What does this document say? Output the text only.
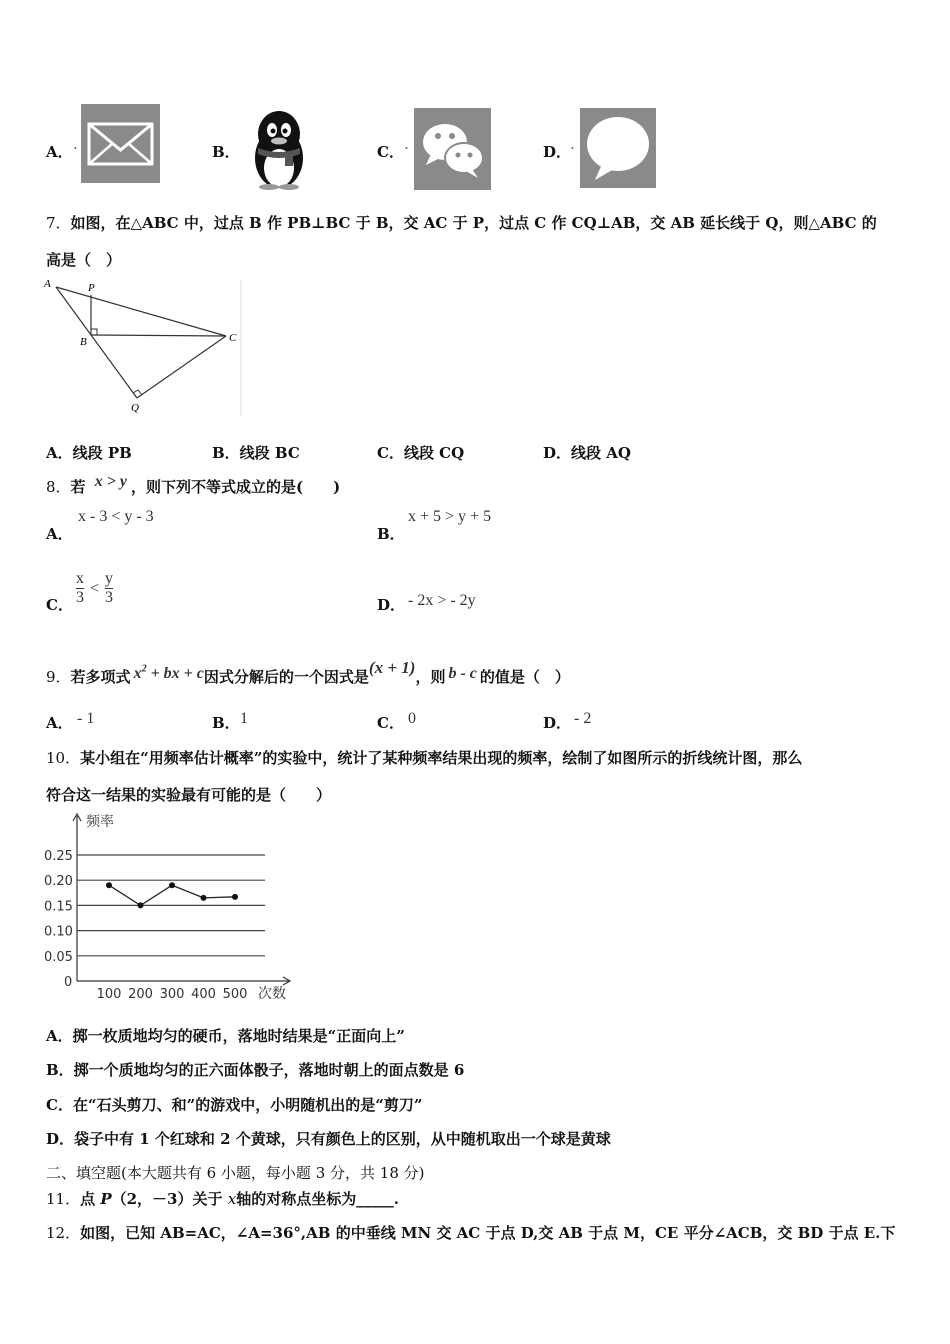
A． ·	B．	C． ·	D．
·
7．如图，在△ABC 中，过点 B 作 PB⊥BC 于 B，交 AC 于 P，过点 C 作 CQ⊥AB，交 AB 延长线于 Q，则△ABC 的
高是（　）
A	P
B	C
Q
A．线段 PB	B．线段 BC	C．线段 CQ	D．线段 AQ
8．若 x > y ，则下列不等式成立的是(　　)
A．
x - 3 < y - 3
B．
x + 5 > y + 5
C． $\frac{x}{3} < \frac{y}{3}$	D． - 2x > - 2y
9．若多项式 $x^2$ + bx + c因式分解后的一个因式是(x + 1)，则 b - c 的值是（　）
A． - 1	B． 1	C． 0	D． - 2
10．某小组在“用频率估计概率”的实验中，统计了某种频率结果出现的频率，绘制了如图所示的折线统计图，那么
符合这一结果的实验最有可能的是（　　）
频率
次数
0
0.05
0.10
0.15
0.20
0.25
100 200 300 400 500
A．掷一枚质地均匀的硬币，落地时结果是“正面向上”
B．掷一个质地均匀的正六面体骰子，落地时朝上的面点数是 6
C．在“石头剪刀、和”的游戏中，小明随机出的是“剪刀”
D．袋子中有 1 个红球和 2 个黄球，只有颜色上的区别，从中随机取出一个球是黄球
二、填空题(本大题共有 6 小题，每小题 3 分，共 18 分)
11．点 P（2，－3）关于 x轴的对称点坐标为_____.
12．如图，已知 AB=AC，∠A=36°,AB 的中垂线 MN 交 AC 于点 D,交 AB 于点 M，CE 平分∠ACB，交 BD 于点 E.下
